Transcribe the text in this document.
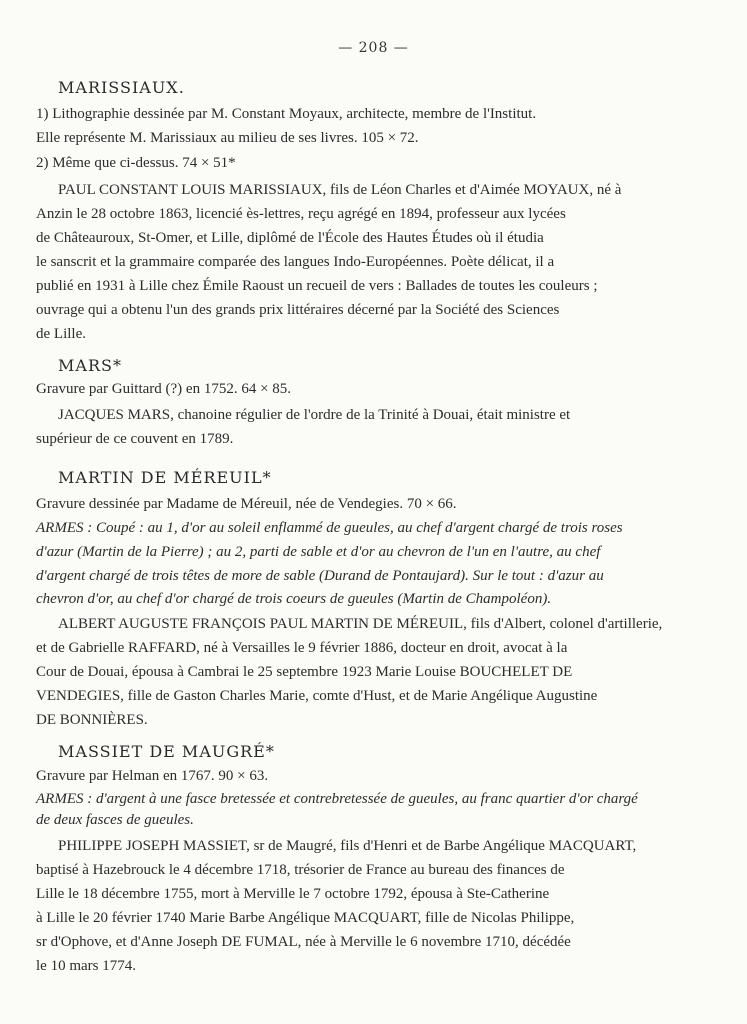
— 208 —
MARISSIAUX.
1) Lithographie dessinée par M. Constant Moyaux, architecte, membre de l'Institut.
Elle représente M. Marissiaux au milieu de ses livres. 105 × 72.
2) Même que ci-dessus. 74 × 51*
PAUL CONSTANT LOUIS MARISSIAUX, fils de Léon Charles et d'Aimée MOYAUX, né à
Anzin le 28 octobre 1863, licencié ès-lettres, reçu agrégé en 1894, professeur aux lycées
de Châteauroux, St-Omer, et Lille, diplômé de l'École des Hautes Études où il étudia
le sanscrit et la grammaire comparée des langues Indo-Européennes. Poète délicat, il a
publié en 1931 à Lille chez Émile Raoust un recueil de vers : Ballades de toutes les couleurs ;
ouvrage qui a obtenu l'un des grands prix littéraires décerné par la Société des Sciences
de Lille.
MARS*
Gravure par Guittard (?) en 1752. 64 × 85.
JACQUES MARS, chanoine régulier de l'ordre de la Trinité à Douai, était ministre et
supérieur de ce couvent en 1789.
MARTIN DE MÉREUIL*
Gravure dessinée par Madame de Méreuil, née de Vendegies. 70 × 66.
ARMES : Coupé : au 1, d'or au soleil enflammé de gueules, au chef d'argent chargé de trois roses
d'azur (Martin de la Pierre) ; au 2, parti de sable et d'or au chevron de l'un en l'autre, au chef
d'argent chargé de trois têtes de more de sable (Durand de Pontaujard). Sur le tout : d'azur au
chevron d'or, au chef d'or chargé de trois coeurs de gueules (Martin de Champoléon).
ALBERT AUGUSTE FRANÇOIS PAUL MARTIN DE MÉREUIL, fils d'Albert, colonel d'artillerie,
et de Gabrielle RAFFARD, né à Versailles le 9 février 1886, docteur en droit, avocat à la
Cour de Douai, épousa à Cambrai le 25 septembre 1923 Marie Louise BOUCHELET DE
VENDEGIES, fille de Gaston Charles Marie, comte d'Hust, et de Marie Angélique Augustine
DE BONNIÈRES.
MASSIET DE MAUGRÉ*
Gravure par Helman en 1767. 90 × 63.
ARMES : d'argent à une fasce bretessée et contrebretessée de gueules, au franc quartier d'or chargé
de deux fasces de gueules.
PHILIPPE JOSEPH MASSIET, sr de Maugré, fils d'Henri et de Barbe Angélique MACQUART,
baptisé à Hazebrouck le 4 décembre 1718, trésorier de France au bureau des finances de
Lille le 18 décembre 1755, mort à Merville le 7 octobre 1792, épousa à Ste-Catherine
à Lille le 20 février 1740 Marie Barbe Angélique MACQUART, fille de Nicolas Philippe,
sr d'Ophove, et d'Anne Joseph DE FUMAL, née à Merville le 6 novembre 1710, décédée
le 10 mars 1774.
